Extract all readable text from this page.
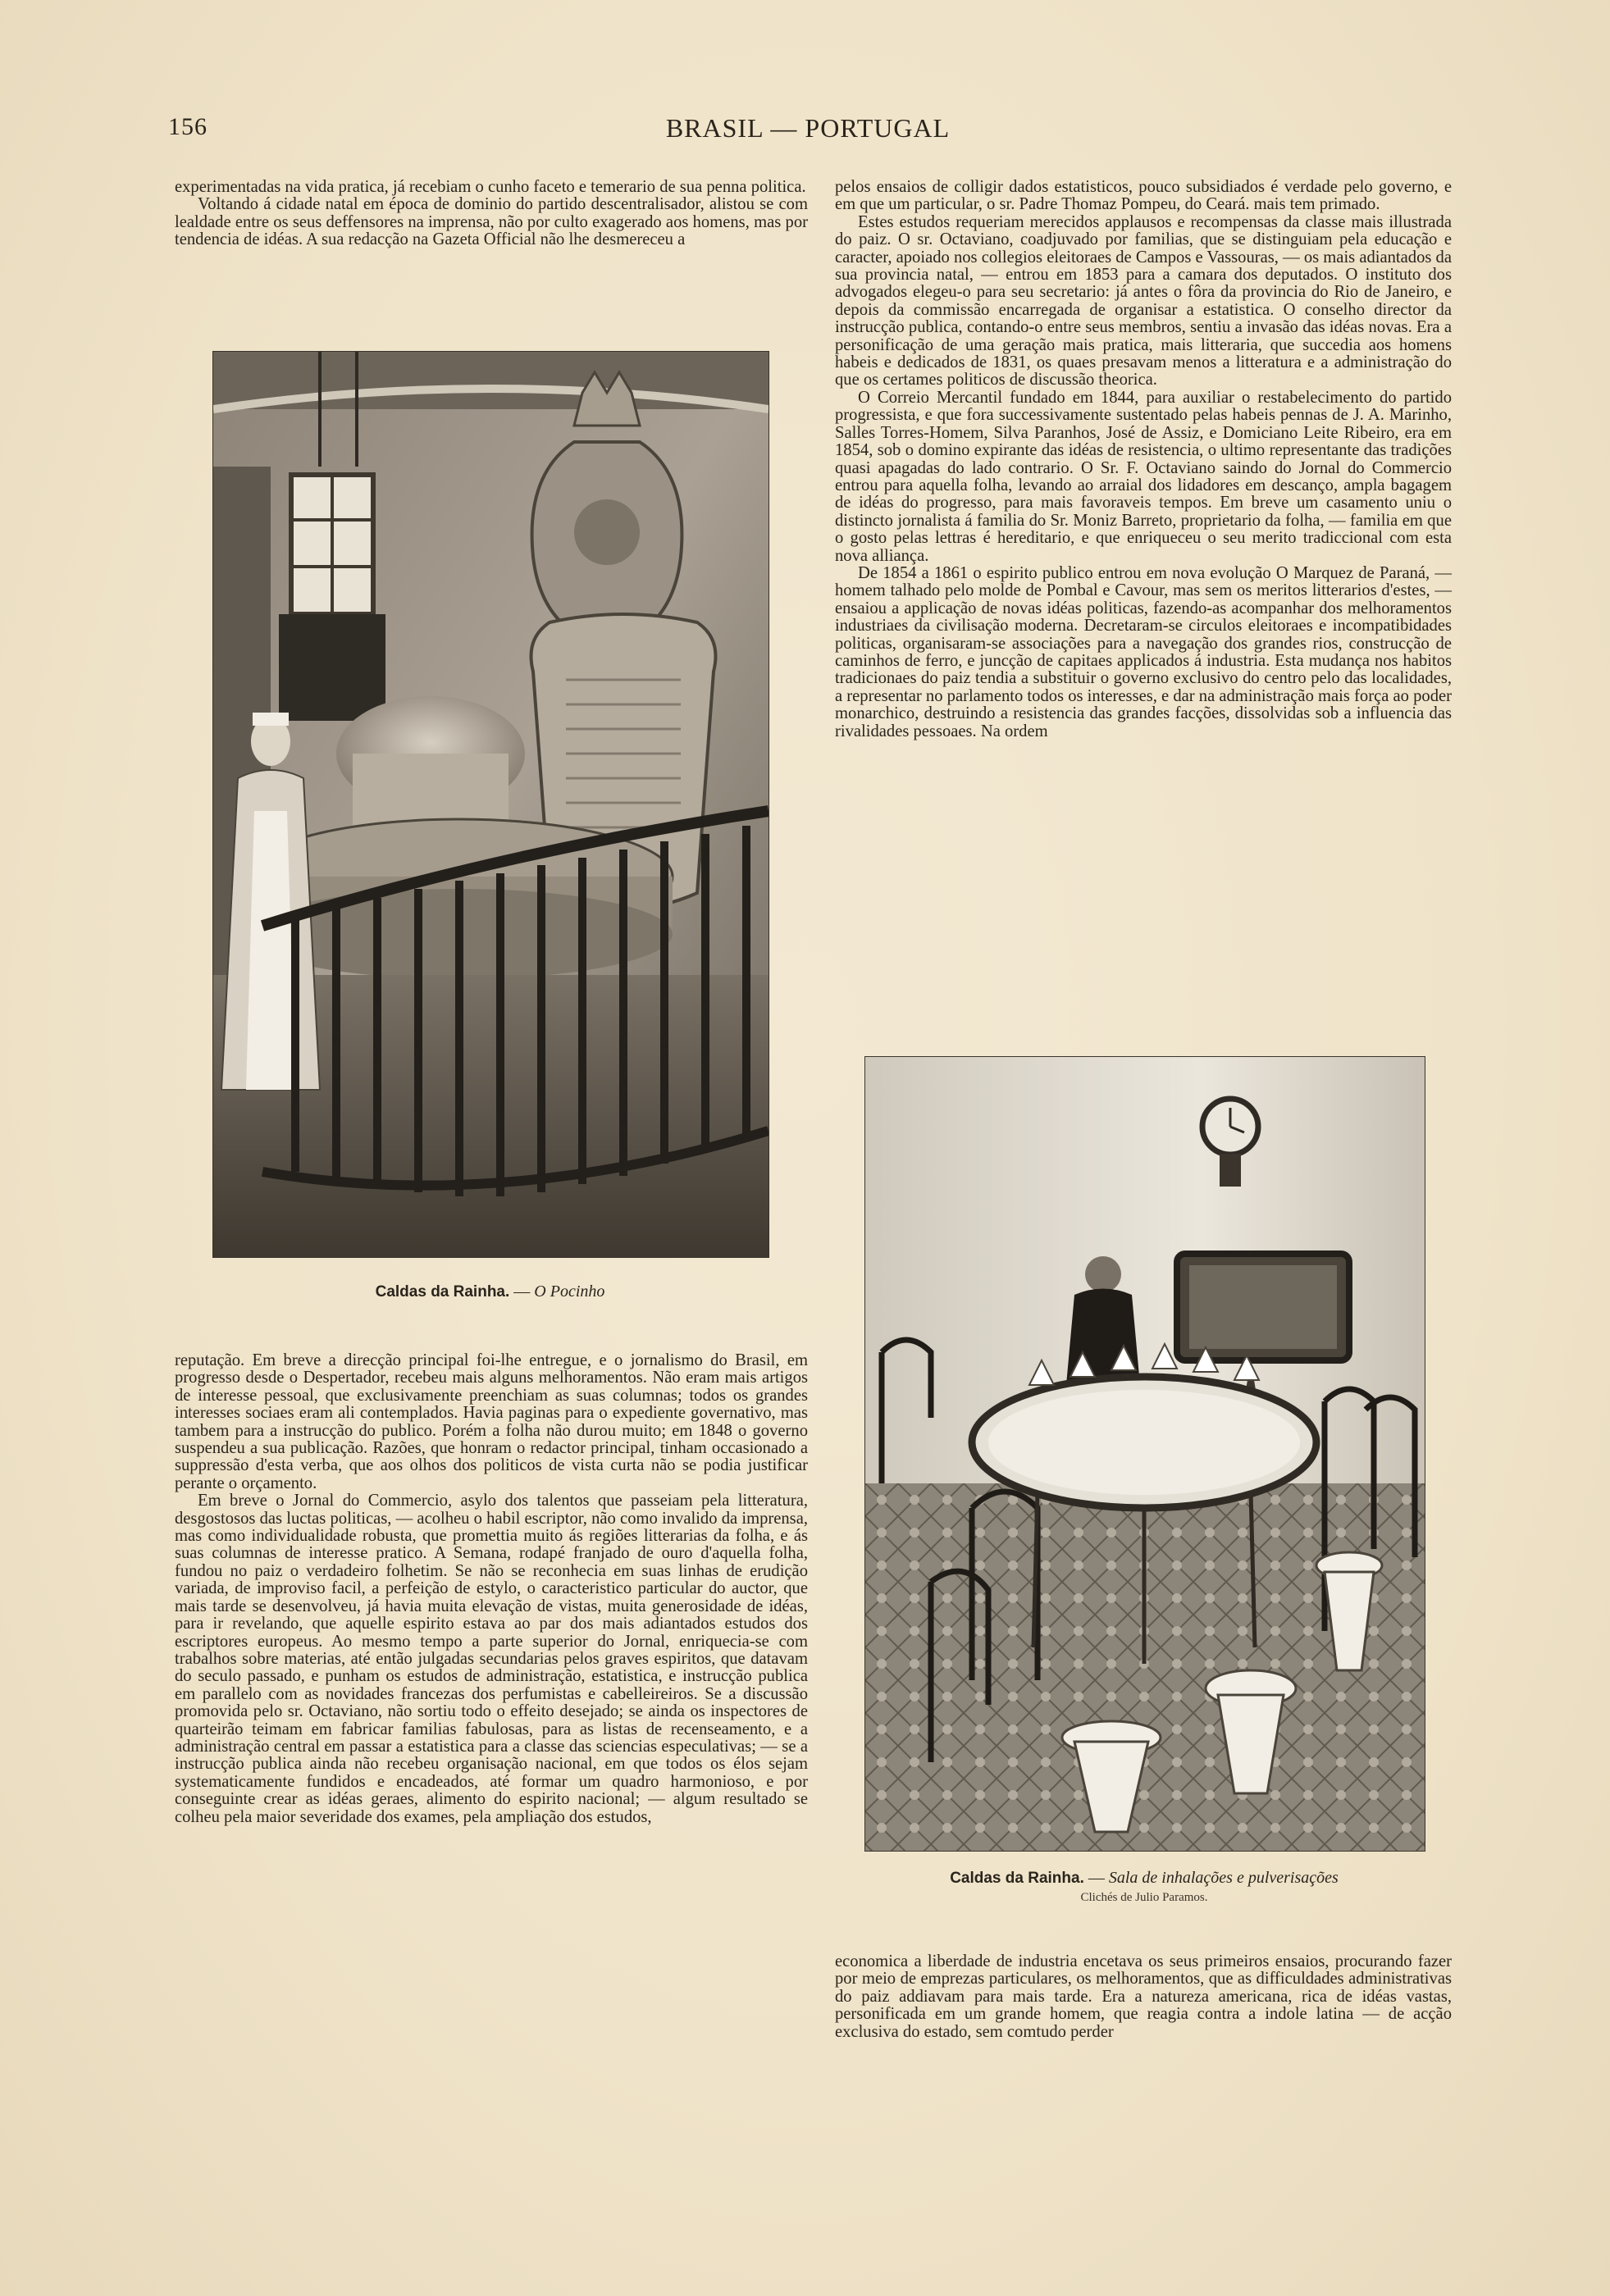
156	BRASIL — PORTUGAL

experimentadas na vida pratica, já recebiam o cunho faceto e temerario de sua penna politica.

Voltando á cidade natal em época de dominio do partido descentralisador, alistou se com lealdade entre os seus deffensores na imprensa, não por culto exagerado aos homens, mas por tendencia de idéas. A sua redacção na Gazeta Official não lhe desmereceu a

Caldas da Rainha. — O Pocinho

reputação. Em breve a direcção principal foi-lhe entregue, e o jornalismo do Brasil, em progresso desde o Despertador, recebeu mais alguns melhoramentos. Não eram mais artigos de interesse pessoal, que exclusivamente preenchiam as suas columnas; todos os grandes interesses sociaes eram ali contemplados. Havia paginas para o expediente governativo, mas tambem para a instrucção do publico. Porém a folha não durou muito; em 1848 o governo suspendeu a sua publicação. Razões, que honram o redactor principal, tinham occasionado a suppressão d'esta verba, que aos olhos dos politicos de vista curta não se podia justificar perante o orçamento.

Em breve o Jornal do Commercio, asylo dos talentos que passeiam pela litteratura, desgostosos das luctas politicas, — acolheu o habil escriptor, não como invalido da imprensa, mas como individualidade robusta, que promettia muito ás regiões litterarias da folha, e ás suas columnas de interesse pratico. A Semana, rodapé franjado de ouro d'aquella folha, fundou no paiz o verdadeiro folhetim. Se não se reconhecia em suas linhas de erudição variada, de improviso facil, a perfeição de estylo, o caracteristico particular do auctor, que mais tarde se desenvolveu, já havia muita elevação de vistas, muita generosidade de idéas, para ir revelando, que aquelle espirito estava ao par dos mais adiantados estudos dos escriptores europeus. Ao mesmo tempo a parte superior do Jornal, enriquecia-se com trabalhos sobre materias, até então julgadas secundarias pelos graves espiritos, que datavam do seculo passado, e punham os estudos de administração, estatistica, e instrucção publica em parallelo com as novidades francezas dos perfumistas e cabelleireiros. Se a discussão promovida pelo sr. Octaviano, não sortiu todo o effeito desejado; se ainda os inspectores de quarteirão teimam em fabricar familias fabulosas, para as listas de recenseamento, e a administração central em passar a estatistica para a classe das sciencias especulativas; — se a instrucção publica ainda não recebeu organisação nacional, em que todos os élos sejam systematicamente fundidos e encadeados, até formar um quadro harmonioso, e por conseguinte crear as idéas geraes, alimento do espirito nacional; — algum resultado se colheu pela maior severidade dos exames, pela ampliação dos estudos,

pelos ensaios de colligir dados estatisticos, pouco subsidiados é verdade pelo governo, e em que um particular, o sr. Padre Thomaz Pompeu, do Ceará. mais tem primado.

Estes estudos requeriam merecidos applausos e recompensas da classe mais illustrada do paiz. O sr. Octaviano, coadjuvado por familias, que se distinguiam pela educação e caracter, apoiado nos collegios eleitoraes de Campos e Vassouras, — os mais adiantados da sua provincia natal, — entrou em 1853 para a camara dos deputados. O instituto dos advogados elegeu-o para seu secretario: já antes o fôra da provincia do Rio de Janeiro, e depois da commissão encarregada de organisar a estatistica. O conselho director da instrucção publica, contando-o entre seus membros, sentiu a invasão das idéas novas. Era a personificação de uma geração mais pratica, mais litteraria, que succedia aos homens habeis e dedicados de 1831, os quaes presavam menos a litteratura e a administração do que os certames politicos de discussão theorica.

O Correio Mercantil fundado em 1844, para auxiliar o restabelecimento do partido progressista, e que fora successivamente sustentado pelas habeis pennas de J. A. Marinho, Salles Torres-Homem, Silva Paranhos, José de Assiz, e Domiciano Leite Ribeiro, era em 1854, sob o domino expirante das idéas de resistencia, o ultimo representante das tradições quasi apagadas do lado contrario. O Sr. F. Octaviano saindo do Jornal do Commercio entrou para aquella folha, levando ao arraial dos lidadores em descanço, ampla bagagem de idéas do progresso, para mais favoraveis tempos. Em breve um casamento uniu o distincto jornalista á familia do Sr. Moniz Barreto, proprietario da folha, — familia em que o gosto pelas lettras é hereditario, e que enriqueceu o seu merito tradiccional com esta nova alliança.

De 1854 a 1861 o espirito publico entrou em nova evolução O Marquez de Paraná, — homem talhado pelo molde de Pombal e Cavour, mas sem os meritos litterarios d'estes, — ensaiou a applicação de novas idéas politicas, fazendo-as acompanhar dos melhoramentos industriaes da civilisação moderna. Decretaram-se circulos eleitoraes e incompatibidades politicas, organisaram-se associações para a navegação dos grandes rios, construcção de caminhos de ferro, e juncção de capitaes applicados á industria. Esta mudança nos habitos tradicionaes do paiz tendia a substituir o governo exclusivo do centro pelo das localidades, a representar no parlamento todos os interesses, e dar na administração mais força ao poder monarchico, destruindo a resistencia das grandes facções, dissolvidas sob a influencia das rivalidades pessoaes. Na ordem

Caldas da Rainha. — Sala de inhalações e pulverisações
Clichés de Julio Paramos.

economica a liberdade de industria encetava os seus primeiros ensaios, procurando fazer por meio de emprezas particulares, os melhoramentos, que as difficuldades administrativas do paiz addiavam para mais tarde. Era a natureza americana, rica de idéas vastas, personificada em um grande homem, que reagia contra a indole latina — de acção exclusiva do estado, sem comtudo perder
